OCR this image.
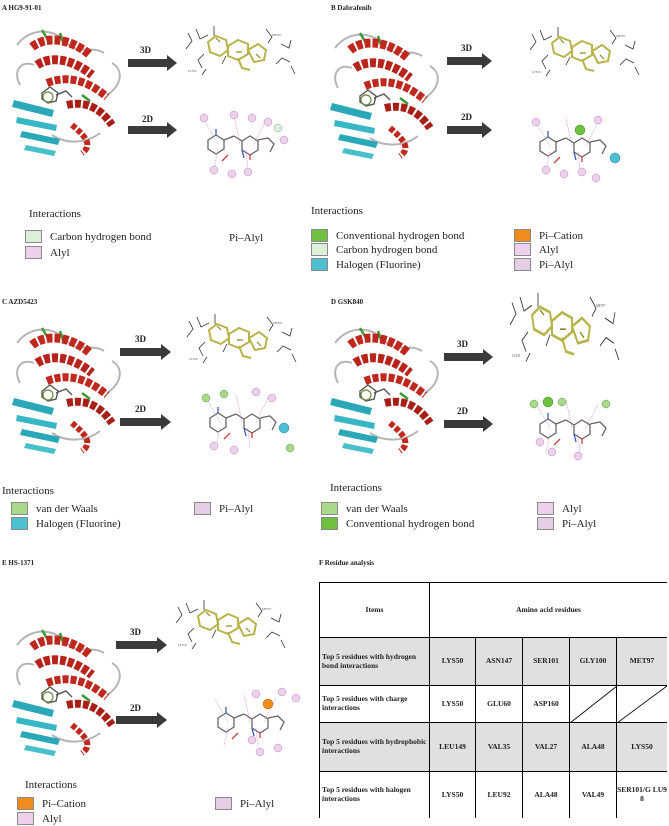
LYS50
MET97
A HG9-91-01
3D
2D
Interactions
Carbon hydrogen bond
Alyl
Pi–Alyl
B Dabrafenib
3D
2D
Interactions
Conventional hydrogen bond
Carbon hydrogen bond
Halogen (Fluorine)
Pi–Cation
Alyl
Pi–Alyl
C AZD5423
3D
2D
Interactions
van der Waals
Halogen (Fluorine)
Pi–Alyl
D GSK840
3D
2D
Interactions
van der Waals
Conventional hydrogen bond
Alyl
Pi–Alyl
E HS-1371
3D
2D
Interactions
Pi–Cation
Alyl
Pi–Alyl
F Residue analysis
Items	Amino acid residues
Top 5 residues with hydrogen bond interactions	LYS50	ASN147	SER101	GLY100	MET97
Top 5 residues with charge interactions	LYS50	GLU60	ASP160
Top 5 residues with hydrophobic interactions	LEU149	VAL35	VAL27	ALA48	LYS50
Top 5 residues with halogen interactions	LYS50	LEU92	ALA48	VAL49	SER101/G LU98
